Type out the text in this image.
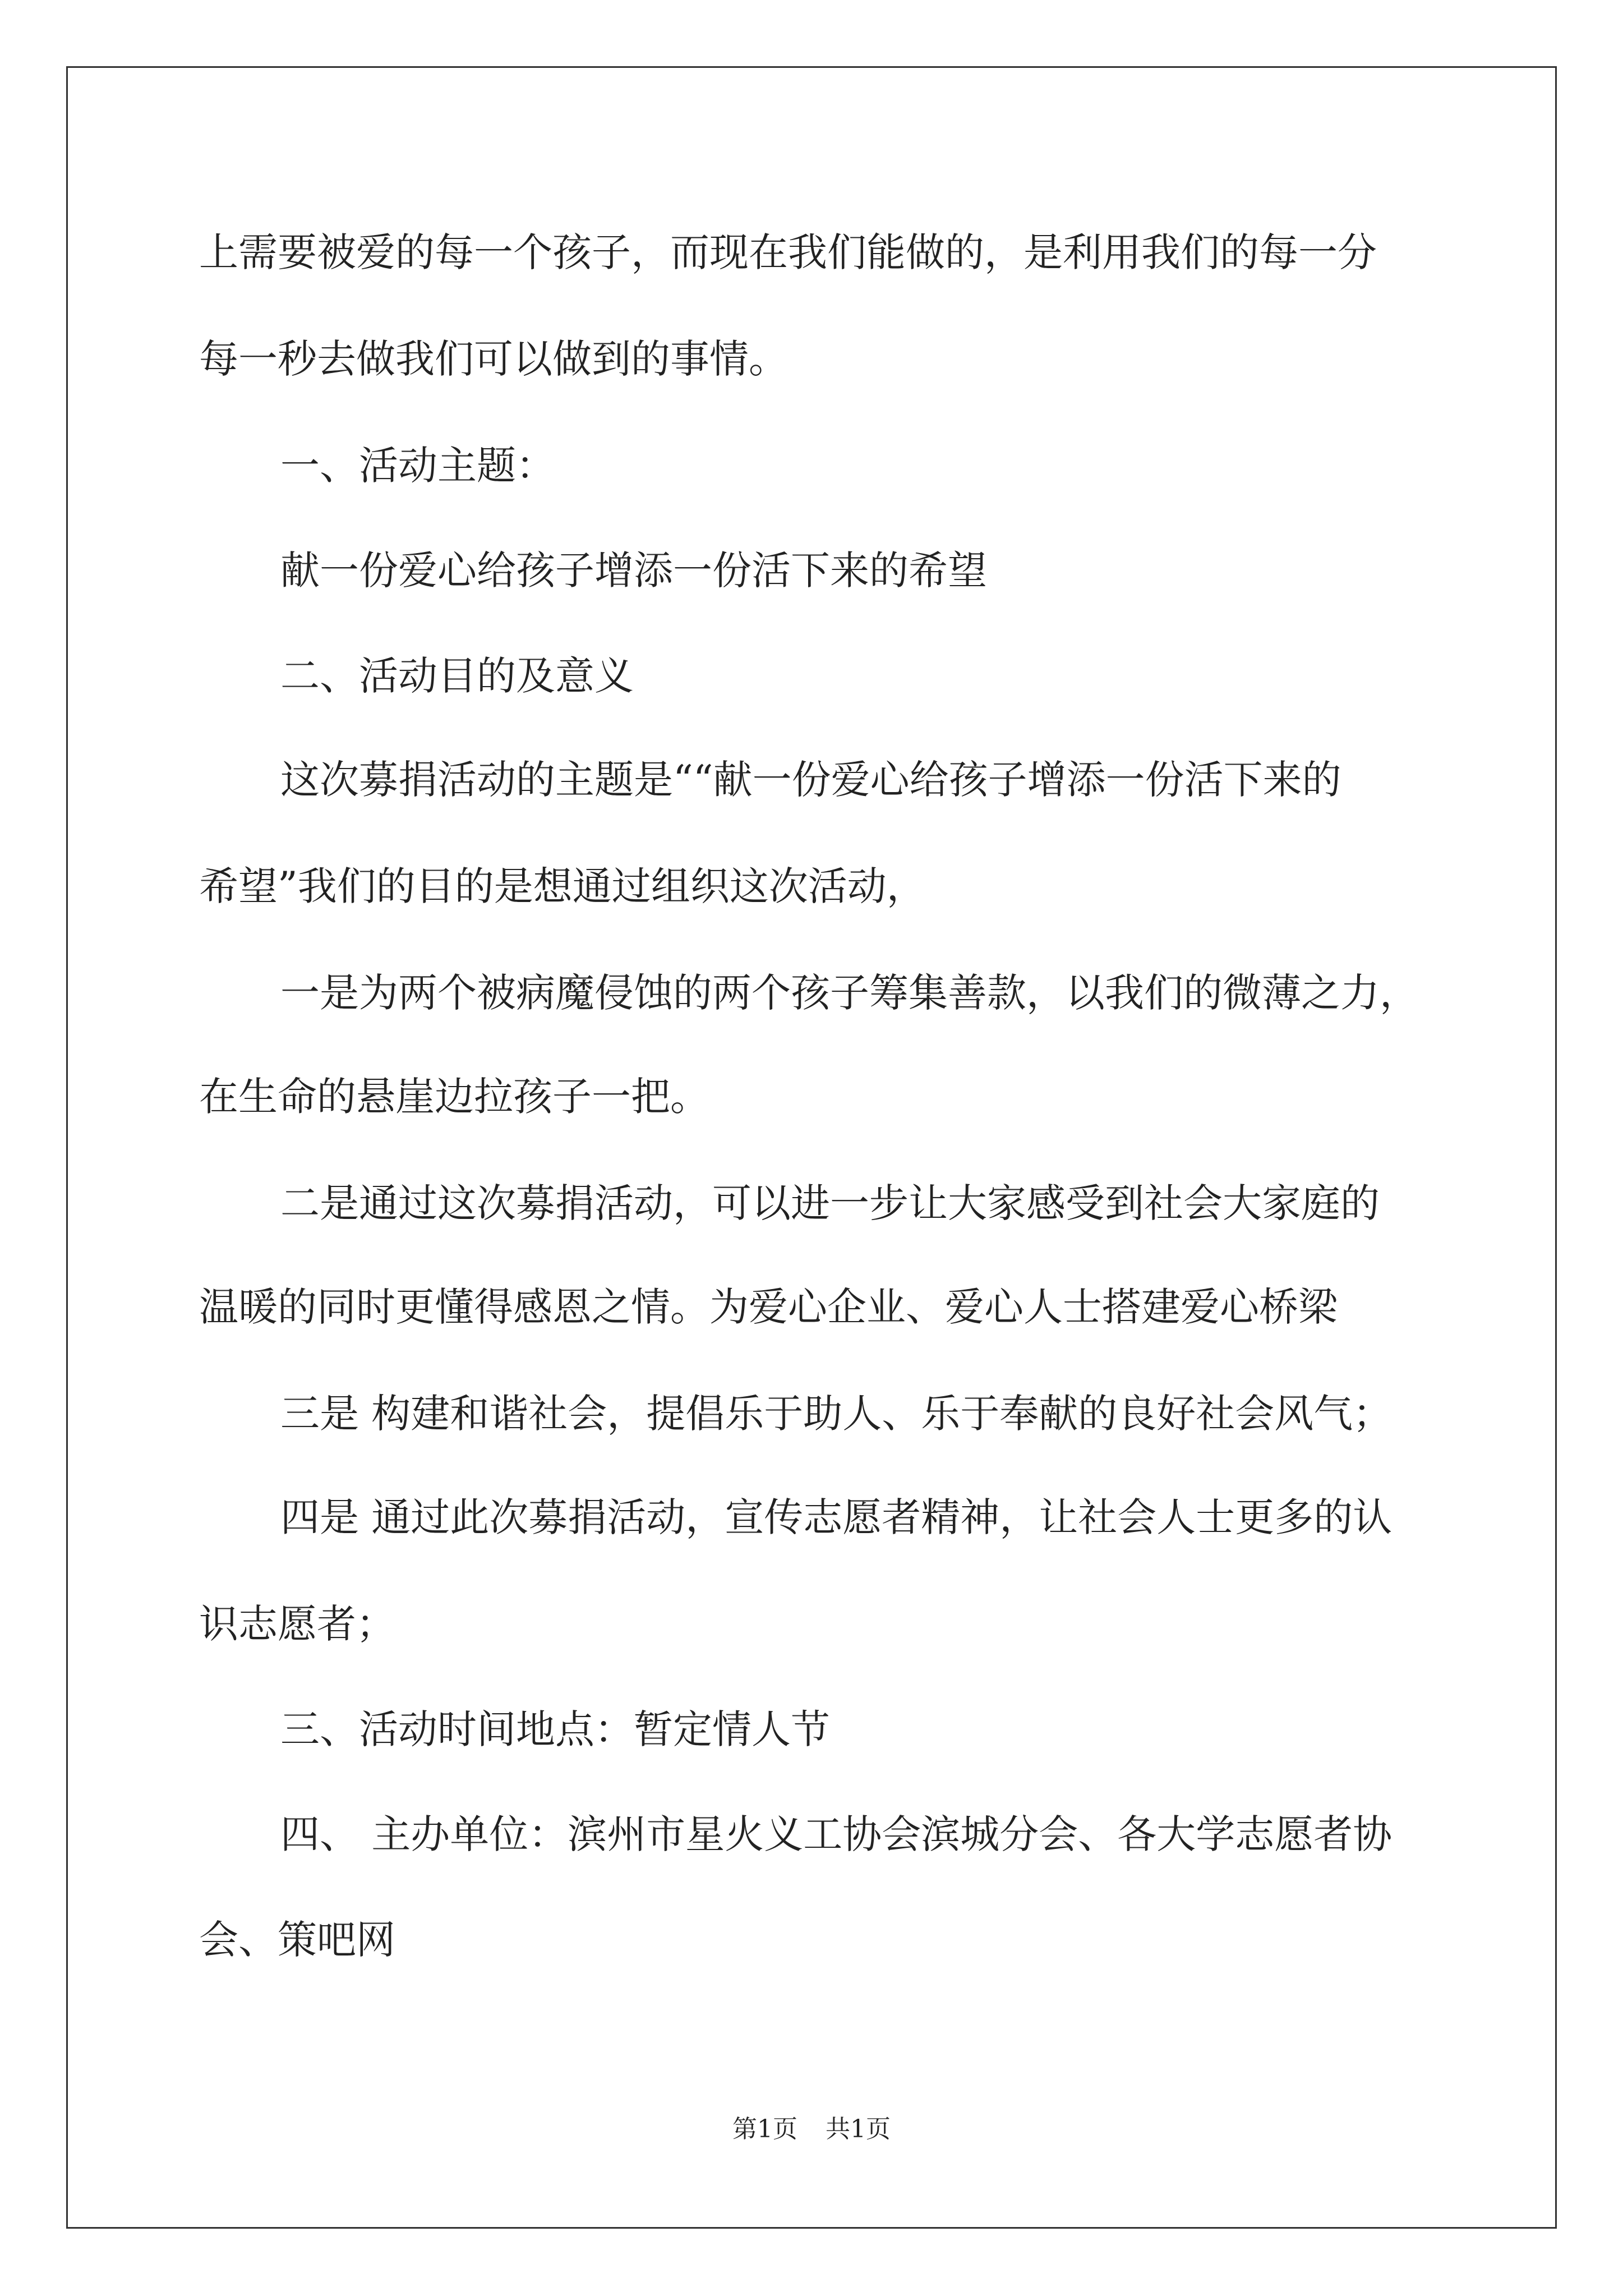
上需要被爱的每一个孩子，而现在我们能做的，是利用我们的每一分
每一秒去做我们可以做到的事情。
一、活动主题：
献一份爱心给孩子增添一份活下来的希望
二、活动目的及意义
这次募捐活动的主题是““献一份爱心给孩子增添一份活下来的
希望”我们的目的是想通过组织这次活动，
一是为两个被病魔侵蚀的两个孩子筹集善款，以我们的微薄之力，
在生命的悬崖边拉孩子一把。
二是通过这次募捐活动，可以进一步让大家感受到社会大家庭的
温暖的同时更懂得感恩之情。为爱心企业、爱心人士搭建爱心桥梁
三是 构建和谐社会，提倡乐于助人、乐于奉献的良好社会风气；
四是 通过此次募捐活动，宣传志愿者精神，让社会人士更多的认
识志愿者；
三、活动时间地点：暂定情人节
四、 主办单位：滨州市星火义工协会滨城分会、各大学志愿者协
会、策吧网
第1页 共1页
